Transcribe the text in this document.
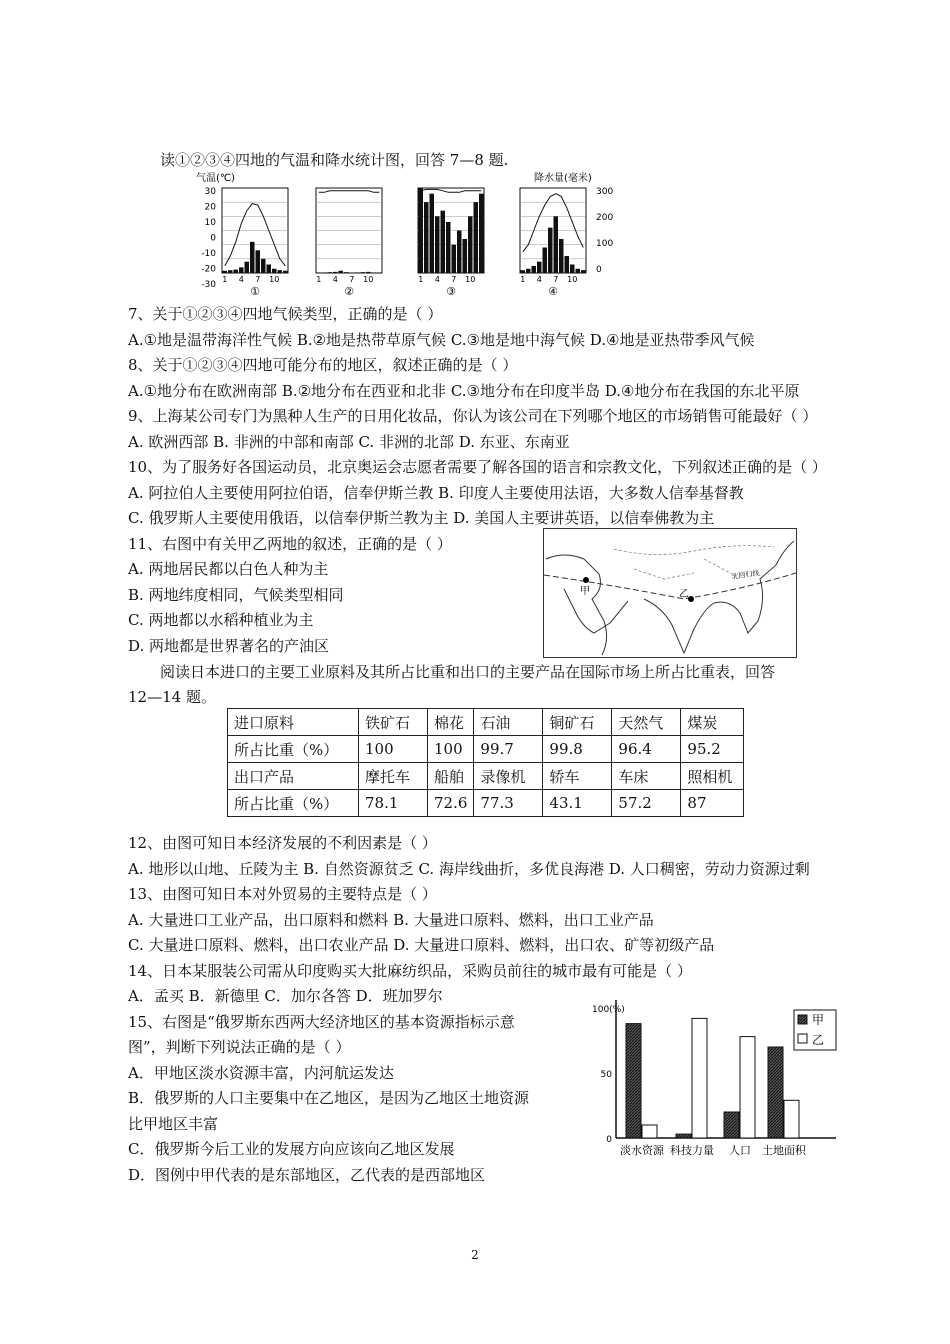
读①②③④四地的气温和降水统计图，回答 7—8 题.
气温(℃)	降水量(毫米)
30
20
10
0
-10
-20
-30
300
200
100
0
1 4 7 10
①
1 4 7 10
②
1 4 7 10
③
1 4 7 10
④
7、关于①②③④四地气候类型，正确的是（ ）
A.①地是温带海洋性气候 B.②地是热带草原气候 C.③地是地中海气候 D.④地是亚热带季风气候
8、关于①②③④四地可能分布的地区，叙述正确的是（ ）
A.①地分布在欧洲南部 B.②地分布在西亚和北非 C.③地分布在印度半岛 D.④地分布在我国的东北平原
9、上海某公司专门为黑种人生产的日用化妆品，你认为该公司在下列哪个地区的市场销售可能最好（ ）
A. 欧洲西部 B. 非洲的中部和南部 C. 非洲的北部 D. 东亚、东南亚
10、为了服务好各国运动员，北京奥运会志愿者需要了解各国的语言和宗教文化，下列叙述正确的是（ ）
A. 阿拉伯人主要使用阿拉伯语，信奉伊斯兰教 B. 印度人主要使用法语，大多数人信奉基督教
C. 俄罗斯人主要使用俄语，以信奉伊斯兰教为主 D. 美国人主要讲英语，以信奉佛教为主
11、右图中有关甲乙两地的叙述，正确的是（ ）
A. 两地居民都以白色人种为主
B. 两地纬度相同，气候类型相同
C. 两地都以水稻种植业为主
D. 两地都是世界著名的产油区
甲	乙
北回归线
阅读日本进口的主要工业原料及其所占比重和出口的主要产品在国际市场上所占比重表，回答
12—14 题。
进口原料	铁矿石	棉花	石油	铜矿石	天然气	煤炭
所占比重（%）	100	100	99.7	99.8	96.4	95.2
出口产品	摩托车	船舶	录像机	轿车	车床	照相机
所占比重（%）	78.1	72.6	77.3	43.1	57.2	87
12、由图可知日本经济发展的不利因素是（ ）
A. 地形以山地、丘陵为主 B. 自然资源贫乏 C. 海岸线曲折，多优良海港 D. 人口稠密，劳动力资源过剩
13、由图可知日本对外贸易的主要特点是（ ）
A. 大量进口工业产品，出口原料和燃料 B. 大量进口原料、燃料，出口工业产品
C. 大量进口原料、燃料，出口农业产品 D. 大量进口原料、燃料，出口农、矿等初级产品
14、日本某服装公司需从印度购买大批麻纺织品，采购员前往的城市最有可能是（ ）
A．孟买 B．新德里 C．加尔各答 D．班加罗尔
15、右图是“俄罗斯东西两大经济地区的基本资源指标示意
图”，判断下列说法正确的是（ ）
A．甲地区淡水资源丰富，内河航运发达
B．俄罗斯的人口主要集中在乙地区，是因为乙地区土地资源
比甲地区丰富
C．俄罗斯今后工业的发展方向应该向乙地区发展
D．图例中甲代表的是东部地区，乙代表的是西部地区
100(%)
50
0
淡水资源 科技力量 人口 土地面积
甲
乙
2
